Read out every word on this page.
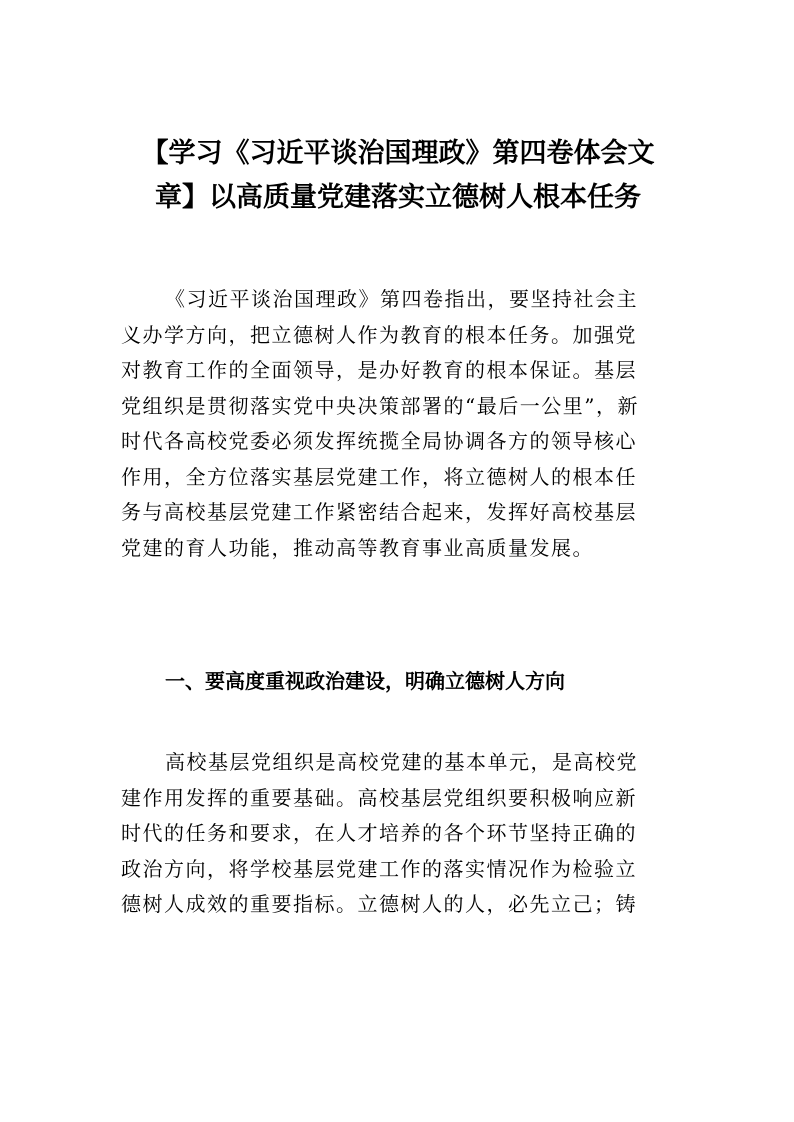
【学习《习近平谈治国理政》第四卷体会文
章】以高质量党建落实立德树人根本任务
《习近平谈治国理政》第四卷指出，要坚持社会主
义办学方向，把立德树人作为教育的根本任务。加强党
对教育工作的全面领导，是办好教育的根本保证。基层
党组织是贯彻落实党中央决策部署的“最后一公里”，新
时代各高校党委必须发挥统揽全局协调各方的领导核心
作用，全方位落实基层党建工作，将立德树人的根本任
务与高校基层党建工作紧密结合起来，发挥好高校基层
党建的育人功能，推动高等教育事业高质量发展。
一、要高度重视政治建设，明确立德树人方向
高校基层党组织是高校党建的基本单元，是高校党
建作用发挥的重要基础。高校基层党组织要积极响应新
时代的任务和要求，在人才培养的各个环节坚持正确的
政治方向，将学校基层党建工作的落实情况作为检验立
德树人成效的重要指标。立德树人的人，必先立己；铸
